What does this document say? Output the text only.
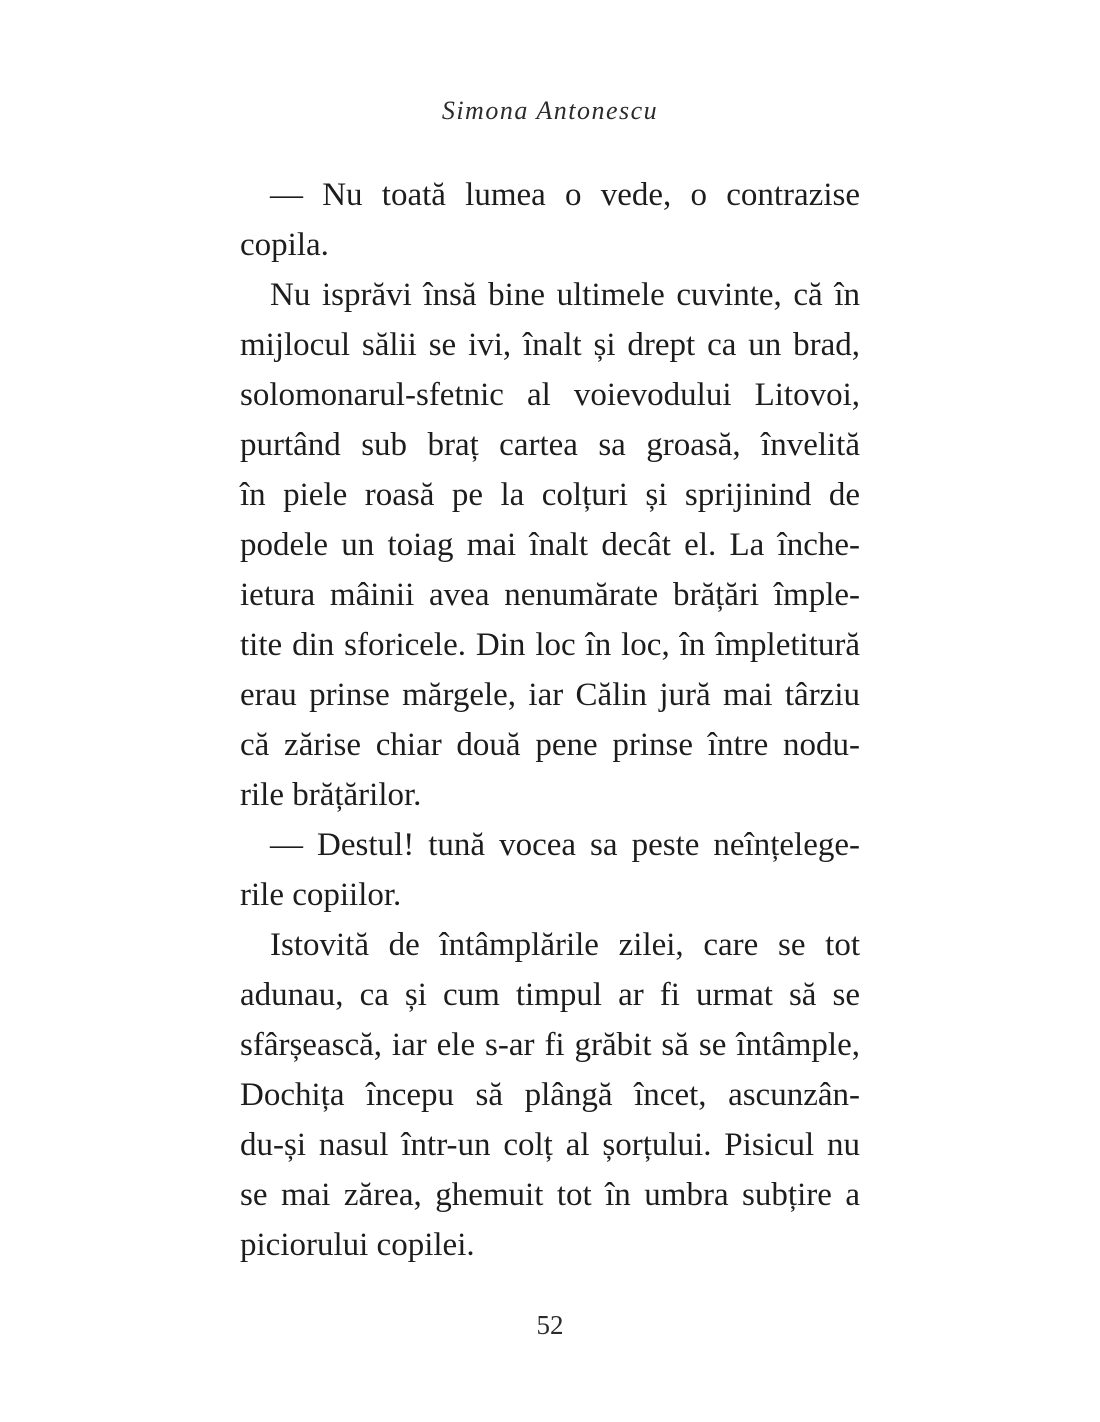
Simona Antonescu
— Nu toată lumea o vede, o contrazise
copila.
Nu isprăvi însă bine ultimele cuvinte, că în
mijlocul sălii se ivi, înalt și drept ca un brad,
solomonarul-sfetnic al voievodului Litovoi,
purtând sub braț cartea sa groasă, învelită
în piele roasă pe la colțuri și sprijinind de
podele un toiag mai înalt decât el. La înche-
ietura mâinii avea nenumărate brățări împle-
tite din sforicele. Din loc în loc, în împletitură
erau prinse mărgele, iar Călin jură mai târziu
că zărise chiar două pene prinse între nodu-
rile brățărilor.
— Destul! tună vocea sa peste neînțelege-
rile copiilor.
Istovită de întâmplările zilei, care se tot
adunau, ca și cum timpul ar fi urmat să se
sfârșească, iar ele s-ar fi grăbit să se întâmple,
Dochița începu să plângă încet, ascunzân-
du-și nasul într-un colț al șorțului. Pisicul nu
se mai zărea, ghemuit tot în umbra subțire a
piciorului copilei.
52
